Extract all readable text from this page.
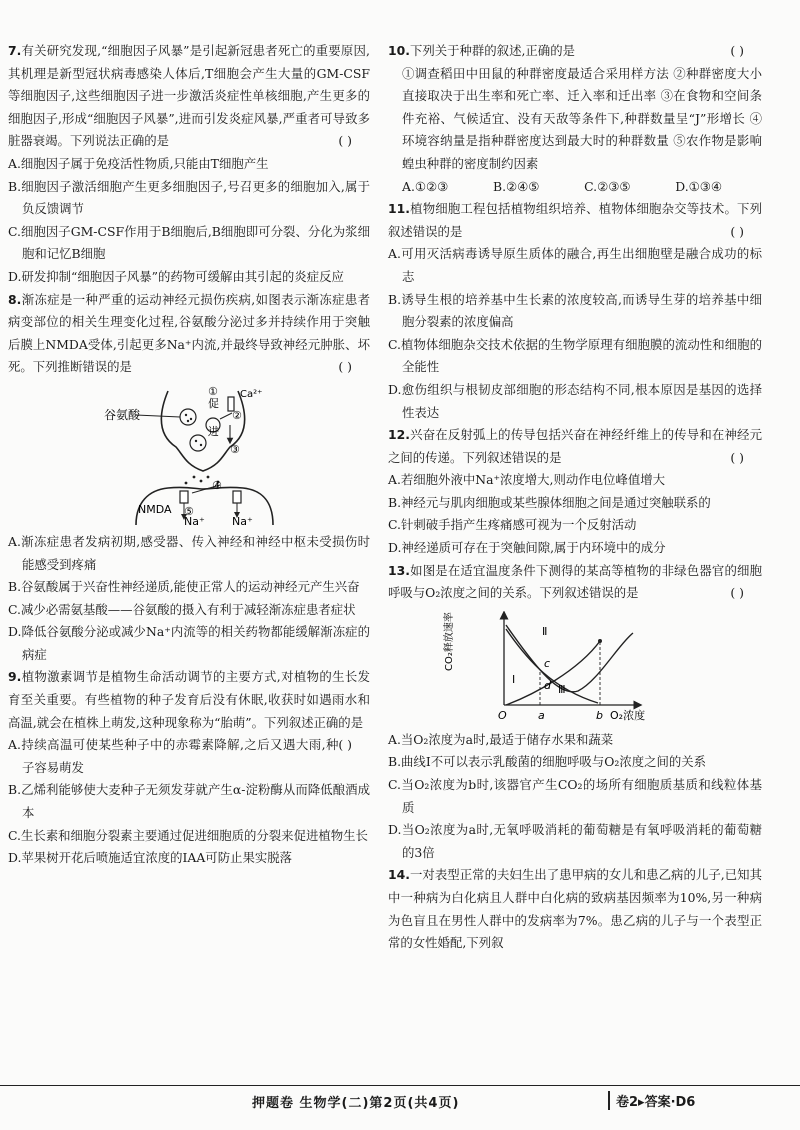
7.有关研究发现,“细胞因子风暴”是引起新冠患者死亡的重要原因,其机理是新型冠状病毒感染人体后,T细胞会产生大量的GM-CSF等细胞因子,这些细胞因子进一步激活炎症性单核细胞,产生更多的细胞因子,形成“细胞因子风暴”,进而引发炎症风暴,严重者可导致多脏器衰竭。下列说法正确的是	( )

A.细胞因子属于免疫活性物质,只能由T细胞产生

B.细胞因子激活细胞产生更多细胞因子,号召更多的细胞加入,属于负反馈调节

C.细胞因子GM-CSF作用于B细胞后,B细胞即可分裂、分化为浆细胞和记忆B细胞

D.研发抑制“细胞因子风暴”的药物可缓解由其引起的炎症反应

8.渐冻症是一种严重的运动神经元损伤疾病,如图表示渐冻症患者病变部位的相关生理变化过程,谷氨酸分泌过多并持续作用于突触后膜上NMDA受体,引起更多Na⁺内流,并最终导致神经元肿胀、坏死。下列推断错误的是	( )
谷氨酸
Ca²⁺
①
②
③
④
⑤
促
进
NMDA
Na⁺ Na⁺

A.渐冻症患者发病初期,感受器、传入神经和神经中枢未受损伤时能感受到疼痛

B.谷氨酸属于兴奋性神经递质,能使正常人的运动神经元产生兴奋

C.减少必需氨基酸——谷氨酸的摄入有利于减轻渐冻症患者症状

D.降低谷氨酸分泌或减少Na⁺内流等的相关药物都能缓解渐冻症的病症

9.植物激素调节是植物生命活动调节的主要方式,对植物的生长发育至关重要。有些植物的种子发育后没有休眠,收获时如遇雨水和高温,就会在植株上萌发,这种现象称为“胎萌”。下列叙述正确的是
( )

A.持续高温可使某些种子中的赤霉素降解,之后又遇大雨,种子容易萌发

B.乙烯利能够使大麦种子无须发芽就产生α-淀粉酶从而降低酿酒成本

C.生长素和细胞分裂素主要通过促进细胞质的分裂来促进植物生长

D.苹果树开花后喷施适宜浓度的IAA可防止果实脱落

10.下列关于种群的叙述,正确的是	( )
①调查稻田中田鼠的种群密度最适合采用样方法 ②种群密度大小直接取决于出生率和死亡率、迁入率和迁出率 ③在食物和空间条件充裕、气候适宜、没有天敌等条件下,种群数量呈“J”形增长 ④环境容纳量是指种群密度达到最大时的种群数量 ⑤农作物是影响蝗虫种群的密度制约因素
A.①②③	B.②④⑤	C.②③⑤	D.①③④
11.植物细胞工程包括植物组织培养、植物体细胞杂交等技术。下列叙述错误的是	( )

A.可用灭活病毒诱导原生质体的融合,再生出细胞壁是融合成功的标志

B.诱导生根的培养基中生长素的浓度较高,而诱导生芽的培养基中细胞分裂素的浓度偏高

C.植物体细胞杂交技术依据的生物学原理有细胞膜的流动性和细胞的全能性

D.愈伤组织与根韧皮部细胞的形态结构不同,根本原因是基因的选择性表达

12.兴奋在反射弧上的传导包括兴奋在神经纤维上的传导和在神经元之间的传递。下列叙述错误的是	( )

A.若细胞外液中Na⁺浓度增大,则动作电位峰值增大

B.神经元与肌肉细胞或某些腺体细胞之间是通过突触联系的

C.针刺破手指产生疼痛感可视为一个反射活动

D.神经递质可存在于突触间隙,属于内环境中的成分

13.如图是在适宜温度条件下测得的某高等植物的非绿色器官的细胞呼吸与O₂浓度之间的关系。下列叙述错误的是	( )
CO₂释放速率
O	a	b O₂浓度
c
d
Ⅰ
Ⅱ
Ⅲ

A.当O₂浓度为a时,最适于储存水果和蔬菜

B.曲线Ⅰ不可以表示乳酸菌的细胞呼吸与O₂浓度之间的关系

C.当O₂浓度为b时,该器官产生CO₂的场所有细胞质基质和线粒体基质

D.当O₂浓度为a时,无氧呼吸消耗的葡萄糖是有氧呼吸消耗的葡萄糖的3倍

14.一对表型正常的夫妇生出了患甲病的女儿和患乙病的儿子,已知其中一种病为白化病且人群中白化病的致病基因频率为10%,另一种病为色盲且在男性人群中的发病率为7%。患乙病的儿子与一个表型正常的女性婚配,下列叙
押题卷 生物学(二)第2页(共4页)	卷2▸答案·D6
